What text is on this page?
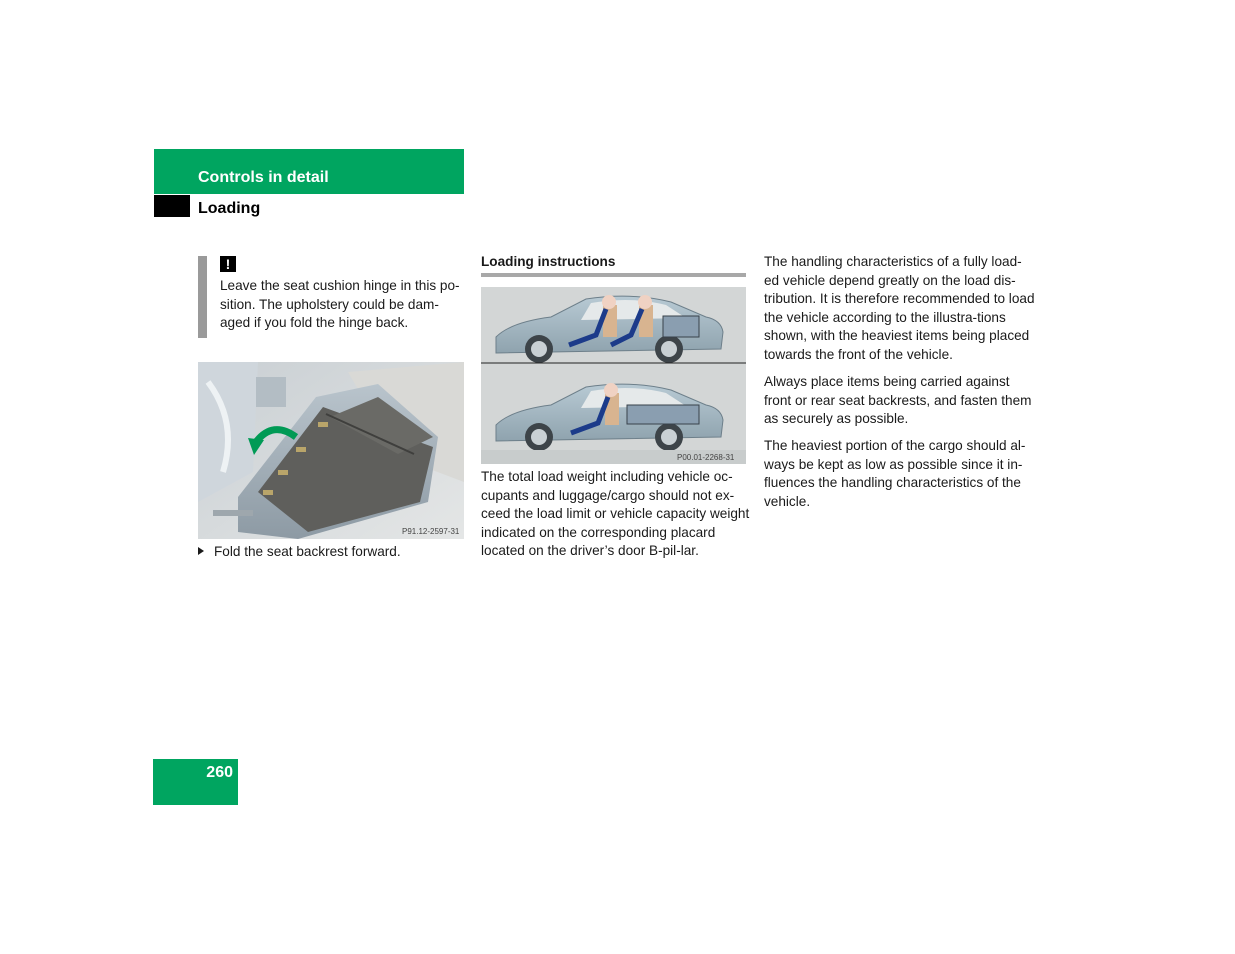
Controls in detail
Loading
!
Leave the seat cushion hinge in this po-sition. The upholstery could be dam-aged if you fold the hinge back.
P91.12-2597-31
Fold the seat backrest forward.
Loading instructions
P00.01-2268-31
The total load weight including vehicle oc-cupants and luggage/cargo should not ex-ceed the load limit or vehicle capacity weight indicated on the corresponding placard located on the driver’s door B-pil-lar.

The handling characteristics of a fully load-ed vehicle depend greatly on the load dis-tribution. It is therefore recommended to load the vehicle according to the illustra-tions shown, with the heaviest items being placed towards the front of the vehicle.

Always place items being carried against front or rear seat backrests, and fasten them as securely as possible.

The heaviest portion of the cargo should al-ways be kept as low as possible since it in-fluences the handling characteristics of the vehicle.

260
